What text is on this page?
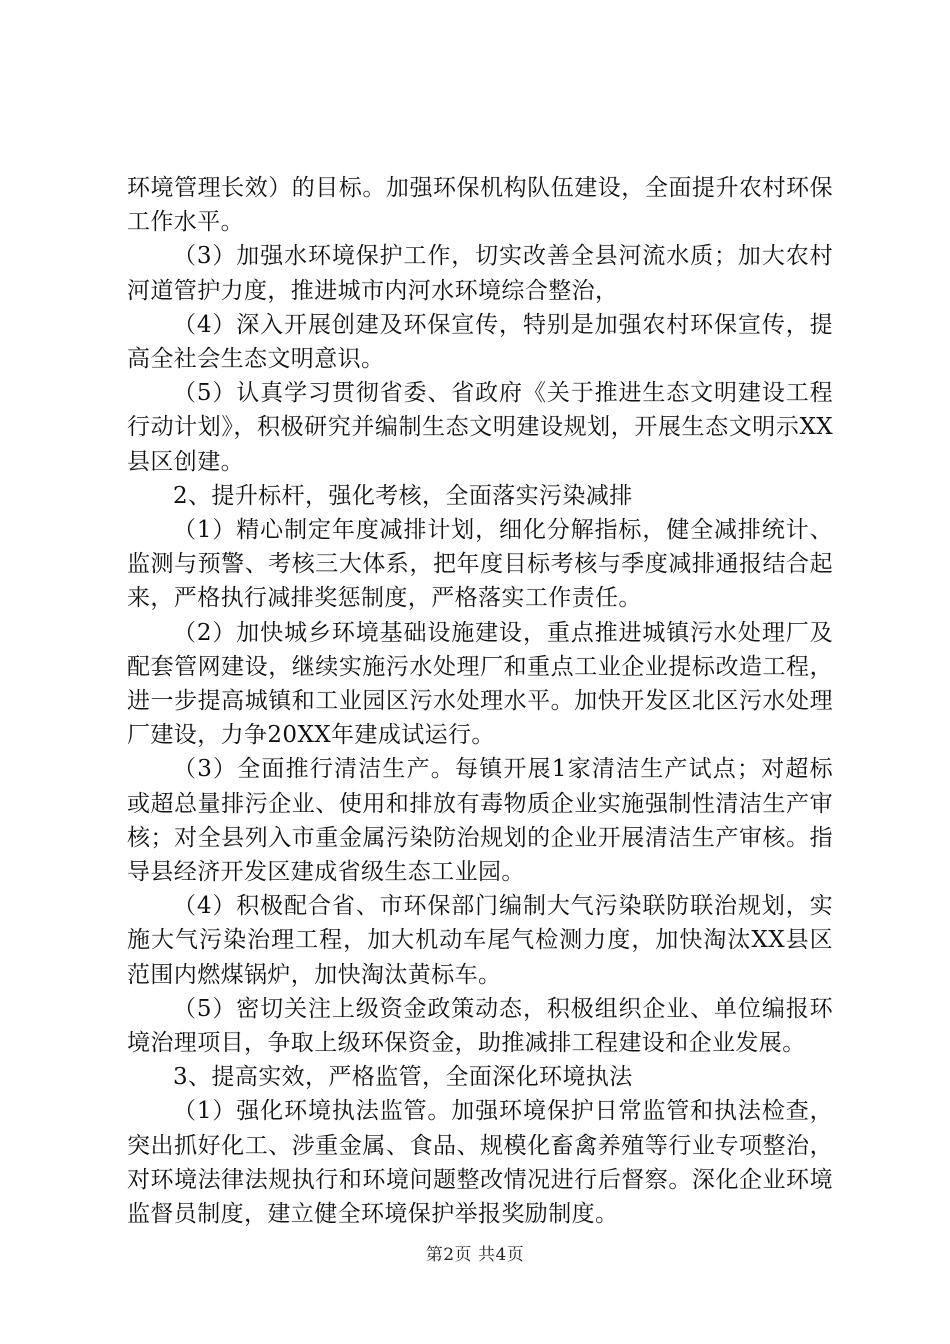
环境管理长效）的目标。加强环保机构队伍建设，全面提升农村环保工作水平。

（3）加强水环境保护工作，切实改善全县河流水质；加大农村河道管护力度，推进城市内河水环境综合整治，

（4）深入开展创建及环保宣传，特别是加强农村环保宣传，提高全社会生态文明意识。

（5）认真学习贯彻省委、省政府《关于推进生态文明建设工程行动计划》，积极研究并编制生态文明建设规划，开展生态文明示XX县区创建。

2、提升标杆，强化考核，全面落实污染减排

（1）精心制定年度减排计划，细化分解指标，健全减排统计、监测与预警、考核三大体系，把年度目标考核与季度减排通报结合起来，严格执行减排奖惩制度，严格落实工作责任。

（2）加快城乡环境基础设施建设，重点推进城镇污水处理厂及配套管网建设，继续实施污水处理厂和重点工业企业提标改造工程，进一步提高城镇和工业园区污水处理水平。加快开发区北区污水处理厂建设，力争20XX年建成试运行。

（3）全面推行清洁生产。每镇开展1家清洁生产试点；对超标或超总量排污企业、使用和排放有毒物质企业实施强制性清洁生产审核；对全县列入市重金属污染防治规划的企业开展清洁生产审核。指导县经济开发区建成省级生态工业园。

（4）积极配合省、市环保部门编制大气污染联防联治规划，实施大气污染治理工程，加大机动车尾气检测力度，加快淘汰XX县区范围内燃煤锅炉，加快淘汰黄标车。

（5）密切关注上级资金政策动态，积极组织企业、单位编报环境治理项目，争取上级环保资金，助推减排工程建设和企业发展。

3、提高实效，严格监管，全面深化环境执法

（1）强化环境执法监管。加强环境保护日常监管和执法检查，突出抓好化工、涉重金属、食品、规模化畜禽养殖等行业专项整治，对环境法律法规执行和环境问题整改情况进行后督察。深化企业环境监督员制度，建立健全环境保护举报奖励制度。

第2页 共4页
